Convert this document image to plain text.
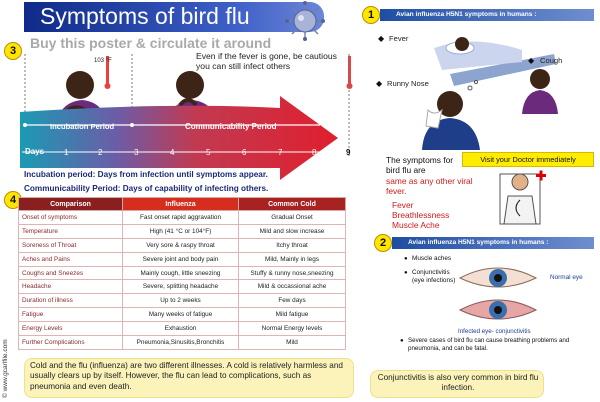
Symptoms of bird flu
Buy this poster & circulate it around
3
103 °F	Even if the fever is gone, be cautious you can still infect others
Incubation Period	Communicability Period
Days 1	2	3	4	5	6	7	8	9
Incubation period: Days from infection until symptoms appear.
Communicability Period: Days of capability of infecting others.
4	Comparison	Influenza	Common Cold
Onset of symptoms	Fast onset rapid aggravation	Gradual Onset
Temperature	High (41 °C or 104°F)	Mild and slow increase
Soreness of Throat	Very sore & raspy throat	Itchy throat
Aches and Pains	Severe joint and body pain	Mild, Mainly in legs
Coughs and Sneezes	Mainly cough, little sneezing	Stuffy & runny nose,sneezing
Headache	Severe, splitting headache	Mild & occassional ache
Duration of illness	Up to 2 weeks	Few days
Fatigue	Many weeks of fatigue	Mild fatigue
Energy Levels	Exhaustion	Normal Energy levels
Further Complications	Pneumonia,Sinusitis,Bronchitis	Mild
© www.gcarlfile.com	Cold and the flu (influenza) are two different illnesses. A cold is relatively harmless and usually clears up by itself. However, the flu can lead to complications, such as pneumonia and even death.
1	Avian influenza H5N1 symptoms in humans :
◆ Fever
◆ Cough
◆ Runny Nose
Visit your Doctor immediately
The symptoms for bird flu are
same as any other viral fever.
Fever
Breathlessness
Muscle Ache
2	Avian influenza H5N1 symptoms in humans :
● Muscle aches
● Conjunctivitis (eye infections)	Normal eye
Infected eye- conjunctivitis
● Severe cases of bird flu can cause breathing problems and pneumonia, and can be fatal.
Conjunctivitis is also very common in bird flu infection.
